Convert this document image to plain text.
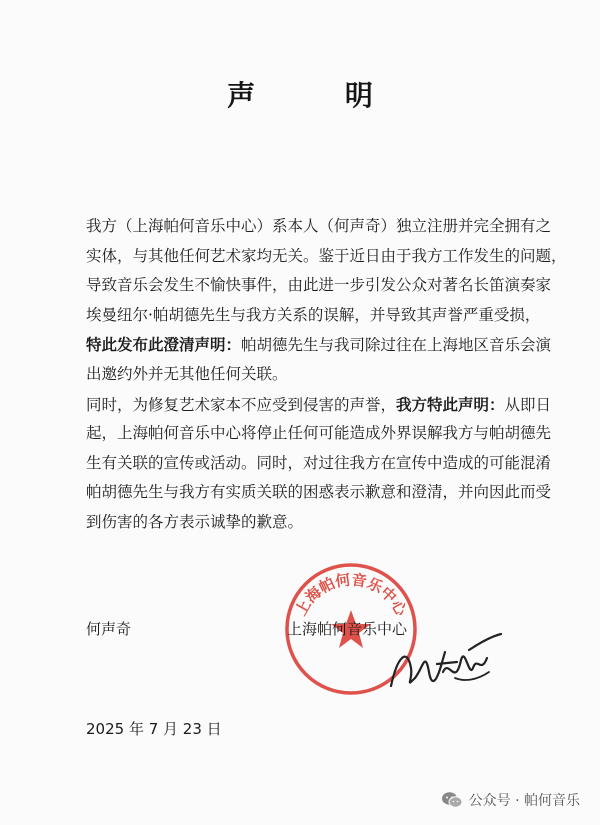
声 明
我方（上海帕何音乐中心）系本人（何声奇）独立注册并完全拥有之
实体，与其他任何艺术家均无关。鉴于近日由于我方工作发生的问题，
导致音乐会发生不愉快事件，由此进一步引发公众对著名长笛演奏家
埃曼纽尔·帕胡德先生与我方关系的误解，并导致其声誉严重受损，
特此发布此澄清声明：帕胡德先生与我司除过往在上海地区音乐会演
出邀约外并无其他任何关联。
同时，为修复艺术家本不应受到侵害的声誉，我方特此声明：从即日
起，上海帕何音乐中心将停止任何可能造成外界误解我方与帕胡德先
生有关联的宣传或活动。同时，对过往我方在宣传中造成的可能混淆
帕胡德先生与我方有实质关联的困惑表示歉意和澄清，并向因此而受
到伤害的各方表示诚挚的歉意。
上海帕何音乐中心
何声奇	上海帕何音乐中心
2025 年 7 月 23 日
公众号 · 帕何音乐
